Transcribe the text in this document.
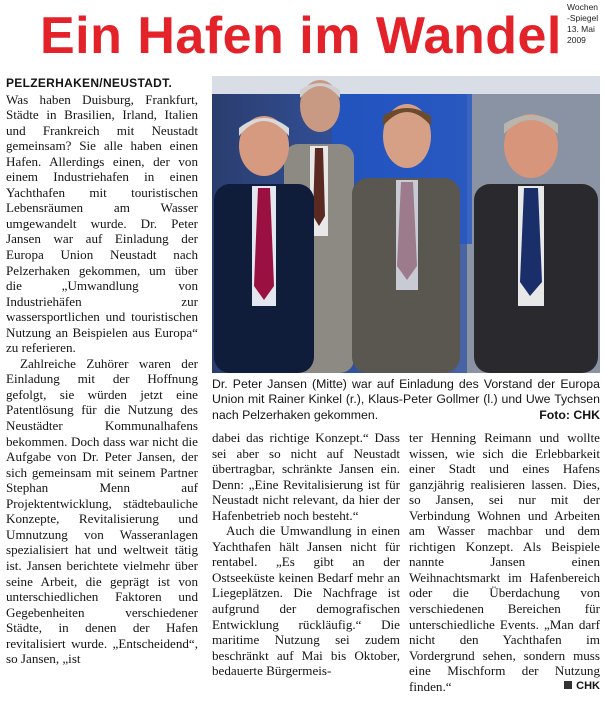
Ein Hafen im Wandel Wochen
-Spiegel
13. Mai
2009
PELZERHAKEN/NEUSTADT.

Was haben Duisburg, Frankfurt, Städte in Brasilien, Irland, Italien und Frankreich mit Neustadt gemeinsam? Sie alle haben einen Hafen. Allerdings einen, der von einem Industriehafen in einen Yachthafen mit touristischen Lebensräumen am Wasser umgewandelt wurde. Dr. Peter Jansen war auf Einladung der Europa Union Neustadt nach Pelzerhaken gekommen, um über die „Umwandlung von Industriehäfen zur wassersportlichen und touristischen Nutzung an Beispielen aus Europa“ zu referieren.

Zahlreiche Zuhörer waren der Einladung mit der Hoffnung gefolgt, sie würden jetzt eine Patentlösung für die Nutzung des Neustädter Kommunalhafens bekommen. Doch dass war nicht die Aufgabe von Dr. Peter Jansen, der sich gemeinsam mit seinem Partner Stephan Menn auf Projektentwicklung, städtebauliche Konzepte, Revitalisierung und Umnutzung von Wasseranlagen spezialisiert hat und weltweit tätig ist. Jansen berichtete vielmehr über seine Arbeit, die geprägt ist von unterschiedlichen Faktoren und Gegebenheiten verschiedener Städte, in denen der Hafen revitalisiert wurde. „Entscheidend“, so Jansen, „ist

Dr. Peter Jansen (Mitte) war auf Einladung des Vorstand der Europa Union mit Rainer Kinkel (r.), Klaus-Peter Gollmer (l.) und Uwe Tychsen nach Pelzerhaken gekommen.	Foto: CHK

dabei das richtige Konzept.“ Dass sei aber so nicht auf Neustadt übertragbar, schränkte Jansen ein. Denn: „Eine Revitalisierung ist für Neustadt nicht relevant, da hier der Hafenbetrieb noch besteht.“

Auch die Umwandlung in einen Yachthafen hält Jansen nicht für rentabel. „Es gibt an der Ostseeküste keinen Bedarf mehr an Liegeplätzen. Die Nachfrage ist aufgrund der demografischen Entwicklung rückläufig.“ Die maritime Nutzung sei zudem beschränkt auf Mai bis Oktober, bedauerte Bürgermeis-

ter Henning Reimann und wollte wissen, wie sich die Erlebbarkeit einer Stadt und eines Hafens ganzjährig realisieren lassen. Dies, so Jansen, sei nur mit der Verbindung Wohnen und Arbeiten am Wasser machbar und dem richtigen Konzept. Als Beispiele nannte Jansen einen Weihnachtsmarkt im Hafenbereich oder die Überdachung von verschiedenen Bereichen für unterschiedliche Events. „Man darf nicht den Yachthafen im Vordergrund sehen, sondern muss eine Mischform der Nutzung finden.“	CHK
